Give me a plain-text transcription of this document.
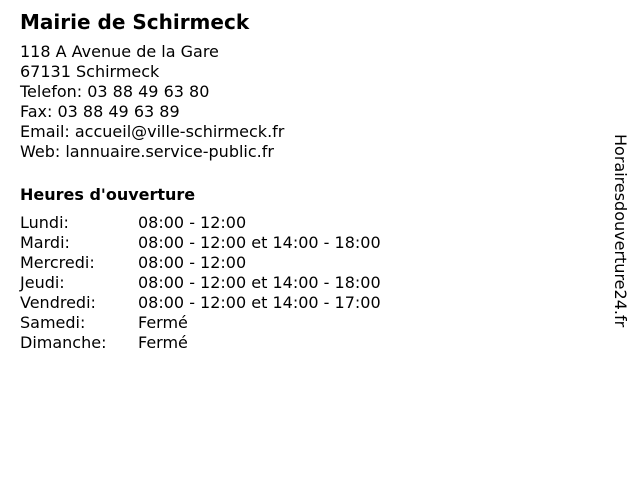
Mairie de Schirmeck
118 A Avenue de la Gare
67131 Schirmeck
Telefon: 03 88 49 63 80
Fax: 03 88 49 63 89
Email: accueil@ville-schirmeck.fr
Web: lannuaire.service-public.fr
Heures d'ouverture
Lundi:	08:00 - 12:00
Mardi:	08:00 - 12:00 et 14:00 - 18:00
Mercredi:	08:00 - 12:00
Jeudi:	08:00 - 12:00 et 14:00 - 18:00
Vendredi:	08:00 - 12:00 et 14:00 - 17:00
Samedi:	Fermé
Dimanche:	Fermé
Horairesdouverture24.fr
